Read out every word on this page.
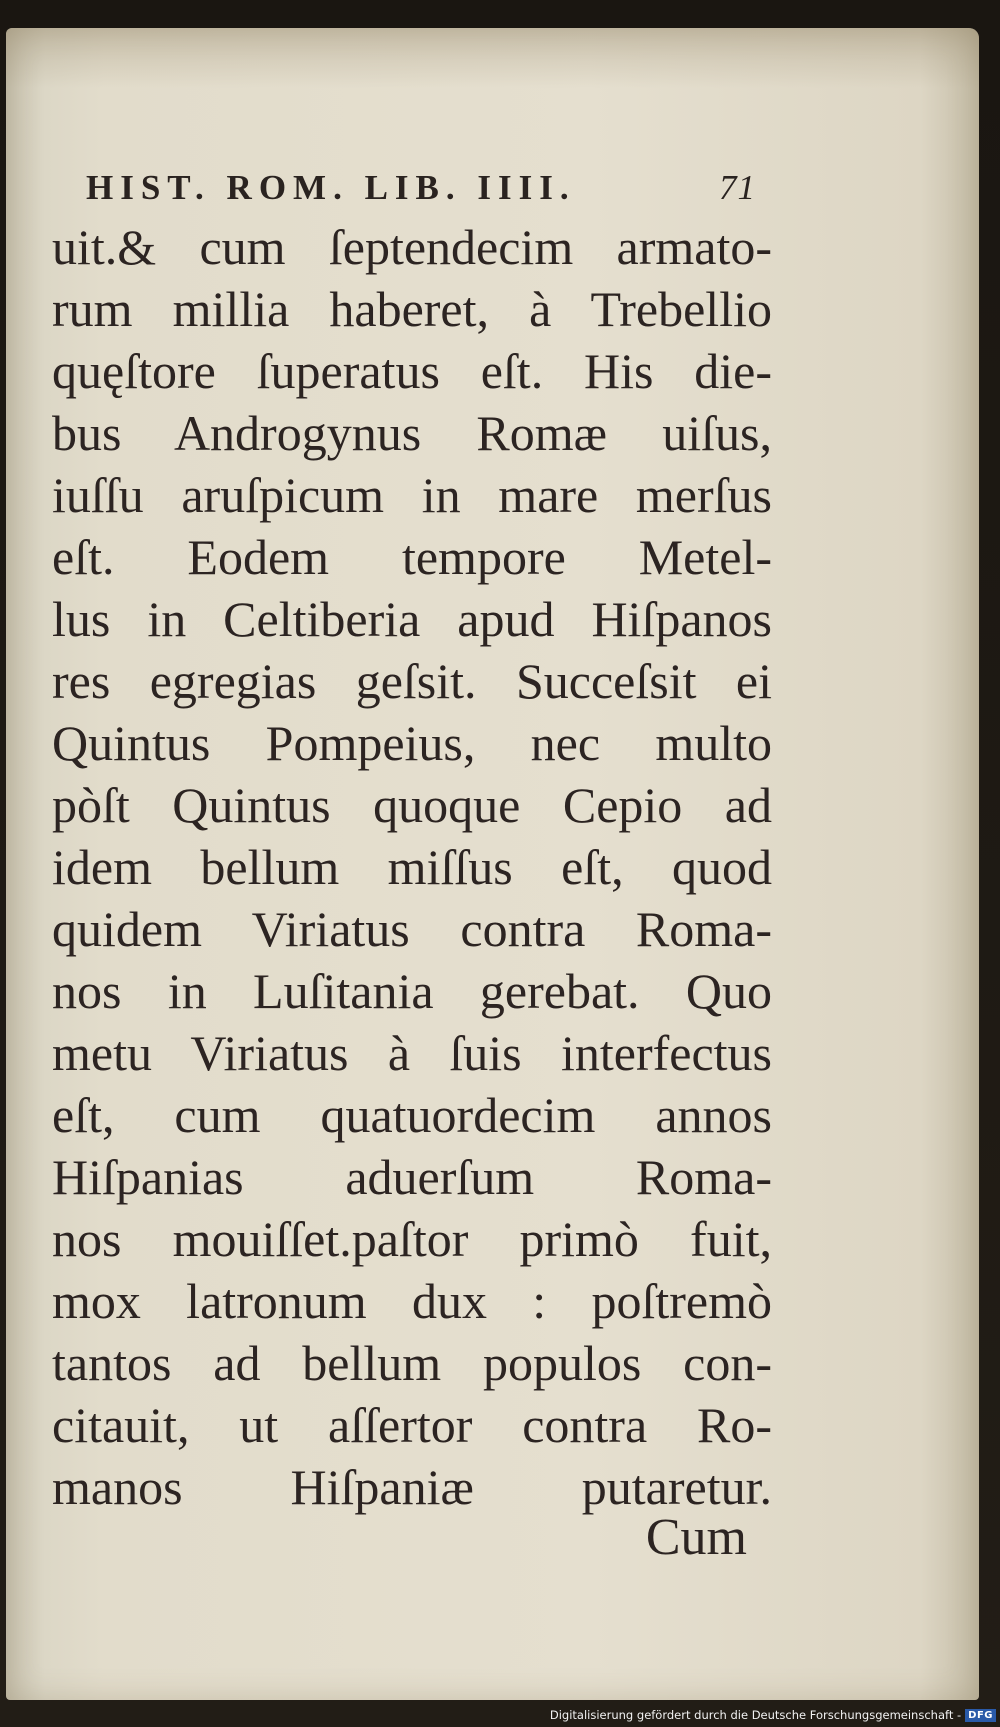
HIST. ROM. LIB. IIII.	71
uit.& cum ſeptendecim armato-
rum millia haberet, à Trebellio
quęſtore ſuperatus eſt. His die-
bus Androgynus Romæ uiſus,
iuſſu aruſpicum in mare merſus
eſt. Eodem tempore Metel-
lus in Celtiberia apud Hiſpanos
res egregias geſsit. Succeſsit ei
Quintus Pompeius, nec multo
pòſt Quintus quoque Cepio ad
idem bellum miſſus eſt, quod
quidem Viriatus contra Roma-
nos in Luſitania gerebat. Quo
metu Viriatus à ſuis interfectus
eſt, cum quatuordecim annos
Hiſpanias aduerſum Roma-
nos mouiſſet.paſtor primò fuit,
mox latronum dux : poſtremò
tantos ad bellum populos con-
citauit, ut aſſertor contra Ro-
manos Hiſpaniæ putaretur.
Cum
Digitalisierung gefördert durch die Deutsche Forschungsgemeinschaft - DFG
